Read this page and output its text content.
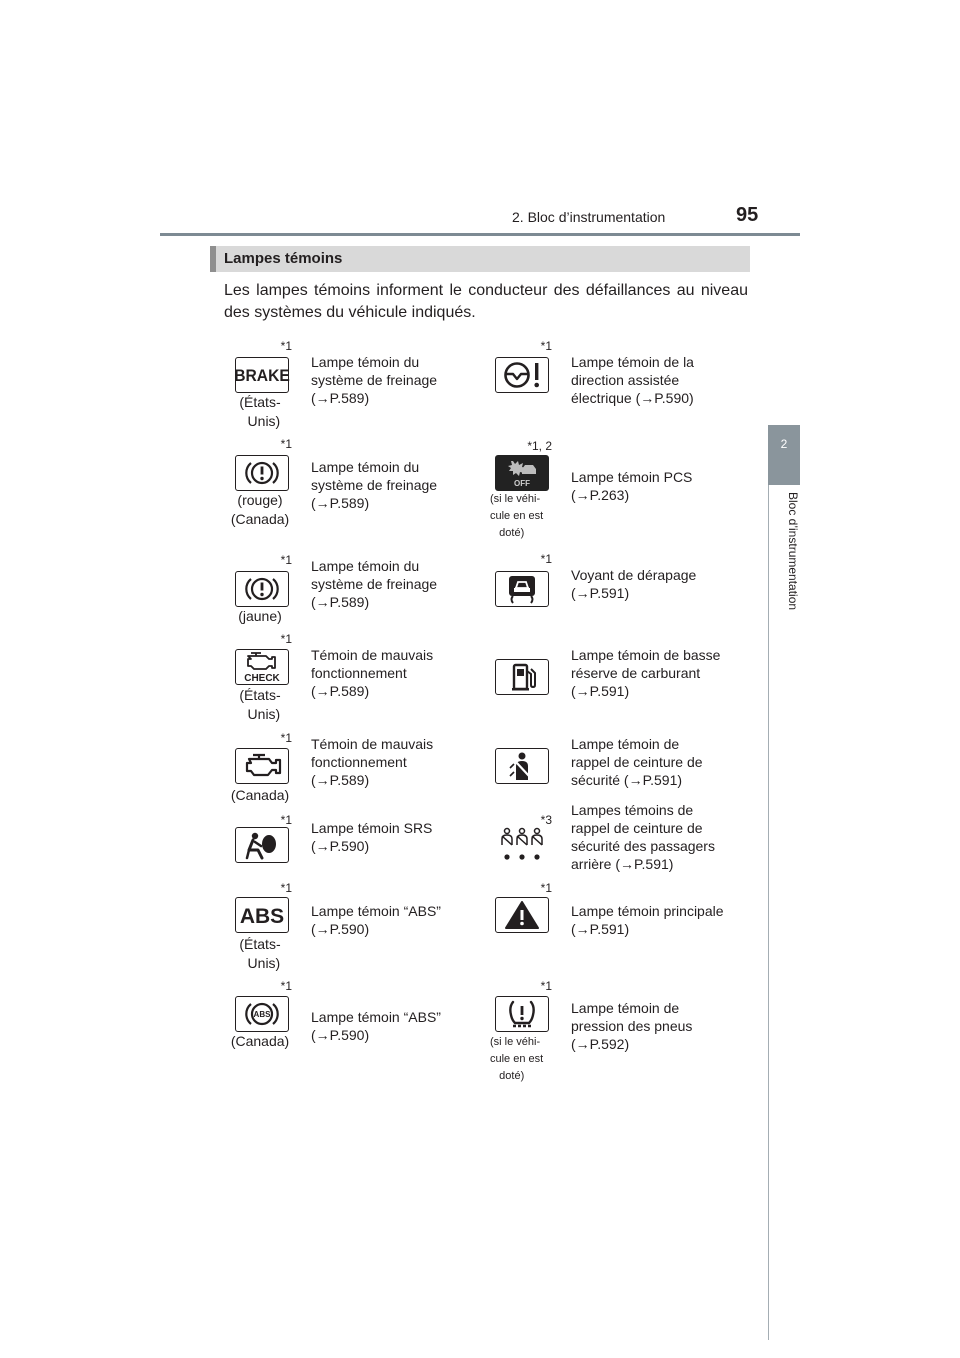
2. Bloc d’instrumentation	95
2
Bloc d’instrumentation
Lampes témoins
Les lampes témoins informent le conducteur des défaillances au niveau des systèmes du véhicule indiqués.
*1
BRAKE
(États-
Unis)
Lampe témoin du
système de freinage
(→P.589)
*1
(rouge)
(Canada)
Lampe témoin du
système de freinage
(→P.589)
*1
(jaune)
Lampe témoin du
système de freinage
(→P.589)
*1
CHECK
(États-
Unis)
Témoin de mauvais
fonctionnement
(→P.589)
*1
(Canada)
Témoin de mauvais
fonctionnement
(→P.589)
*1 Lampe témoin SRS
(→P.590)
*1
ABS
(États-
Unis)
Lampe témoin “ABS”
(→P.590)
*1
ABS
(Canada)
Lampe témoin “ABS”
(→P.590)
*1
Lampe témoin de la
direction assistée
électrique (→P.590)
*1, 2
OFF
(si le véhi-
cule en est
doté)
Lampe témoin PCS
(→P.263)
*1
Voyant de dérapage
(→P.591)
Lampe témoin de basse
réserve de carburant
(→P.591)
Lampe témoin de
rappel de ceinture de
sécurité (→P.591)
*3
Lampes témoins de
rappel de ceinture de
sécurité des passagers
arrière (→P.591)
*1
Lampe témoin principale
(→P.591)
*1
(si le véhi-
cule en est
doté)
Lampe témoin de
pression des pneus
(→P.592)
